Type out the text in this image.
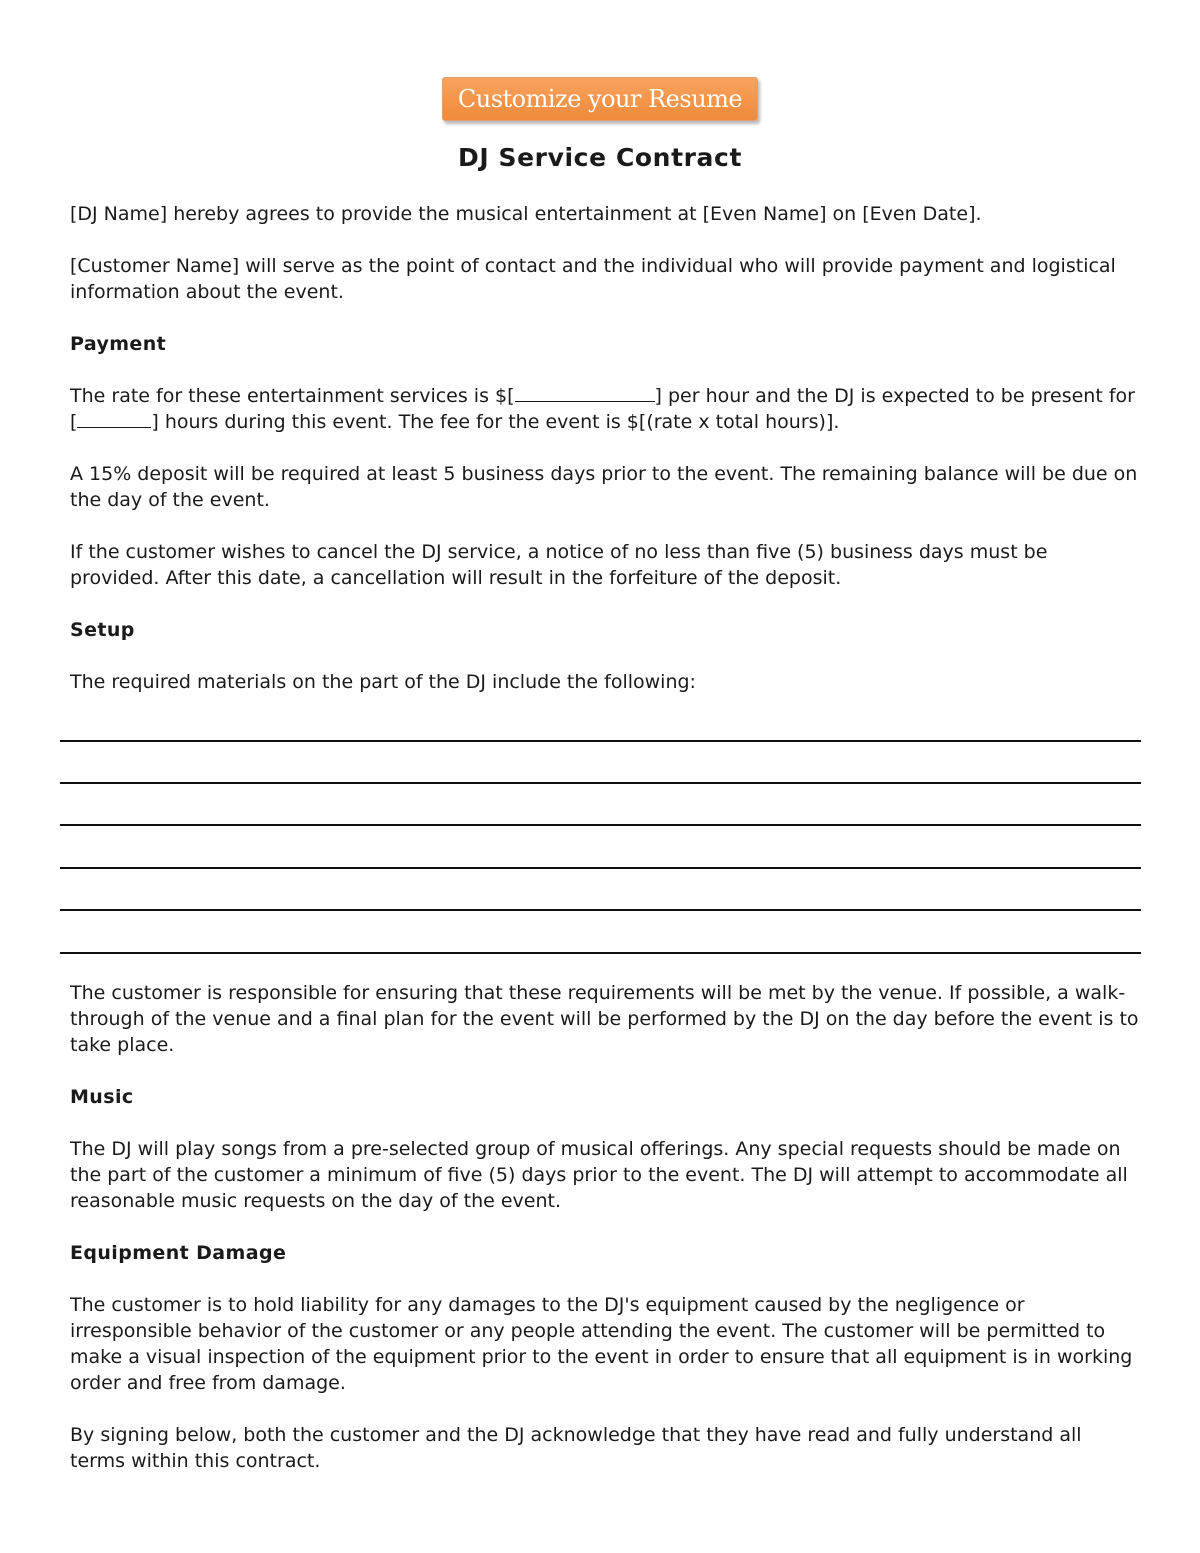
Customize your Resume
DJ Service Contract

[DJ Name] hereby agrees to provide the musical entertainment at [Even Name] on [Even Date].

[Customer Name] will serve as the point of contact and the individual who will provide payment and logistical information about the event.

Payment

The rate for these entertainment services is $[	] per hour and the DJ is expected to be present for [	] hours during this event. The fee for the event is $[(rate x total hours)].

A 15% deposit will be required at least 5 business days prior to the event. The remaining balance will be due on the day of the event.

If the customer wishes to cancel the DJ service, a notice of no less than five (5) business days must be provided. After this date, a cancellation will result in the forfeiture of the deposit.

Setup

The required materials on the part of the DJ include the following:

The customer is responsible for ensuring that these requirements will be met by the venue. If possible, a walk-through of the venue and a final plan for the event will be performed by the DJ on the day before the event is to take place.

Music

The DJ will play songs from a pre-selected group of musical offerings. Any special requests should be made on the part of the customer a minimum of five (5) days prior to the event. The DJ will attempt to accommodate all reasonable music requests on the day of the event.

Equipment Damage

The customer is to hold liability for any damages to the DJ's equipment caused by the negligence or irresponsible behavior of the customer or any people attending the event. The customer will be permitted to make a visual inspection of the equipment prior to the event in order to ensure that all equipment is in working order and free from damage.

By signing below, both the customer and the DJ acknowledge that they have read and fully understand all terms within this contract.
